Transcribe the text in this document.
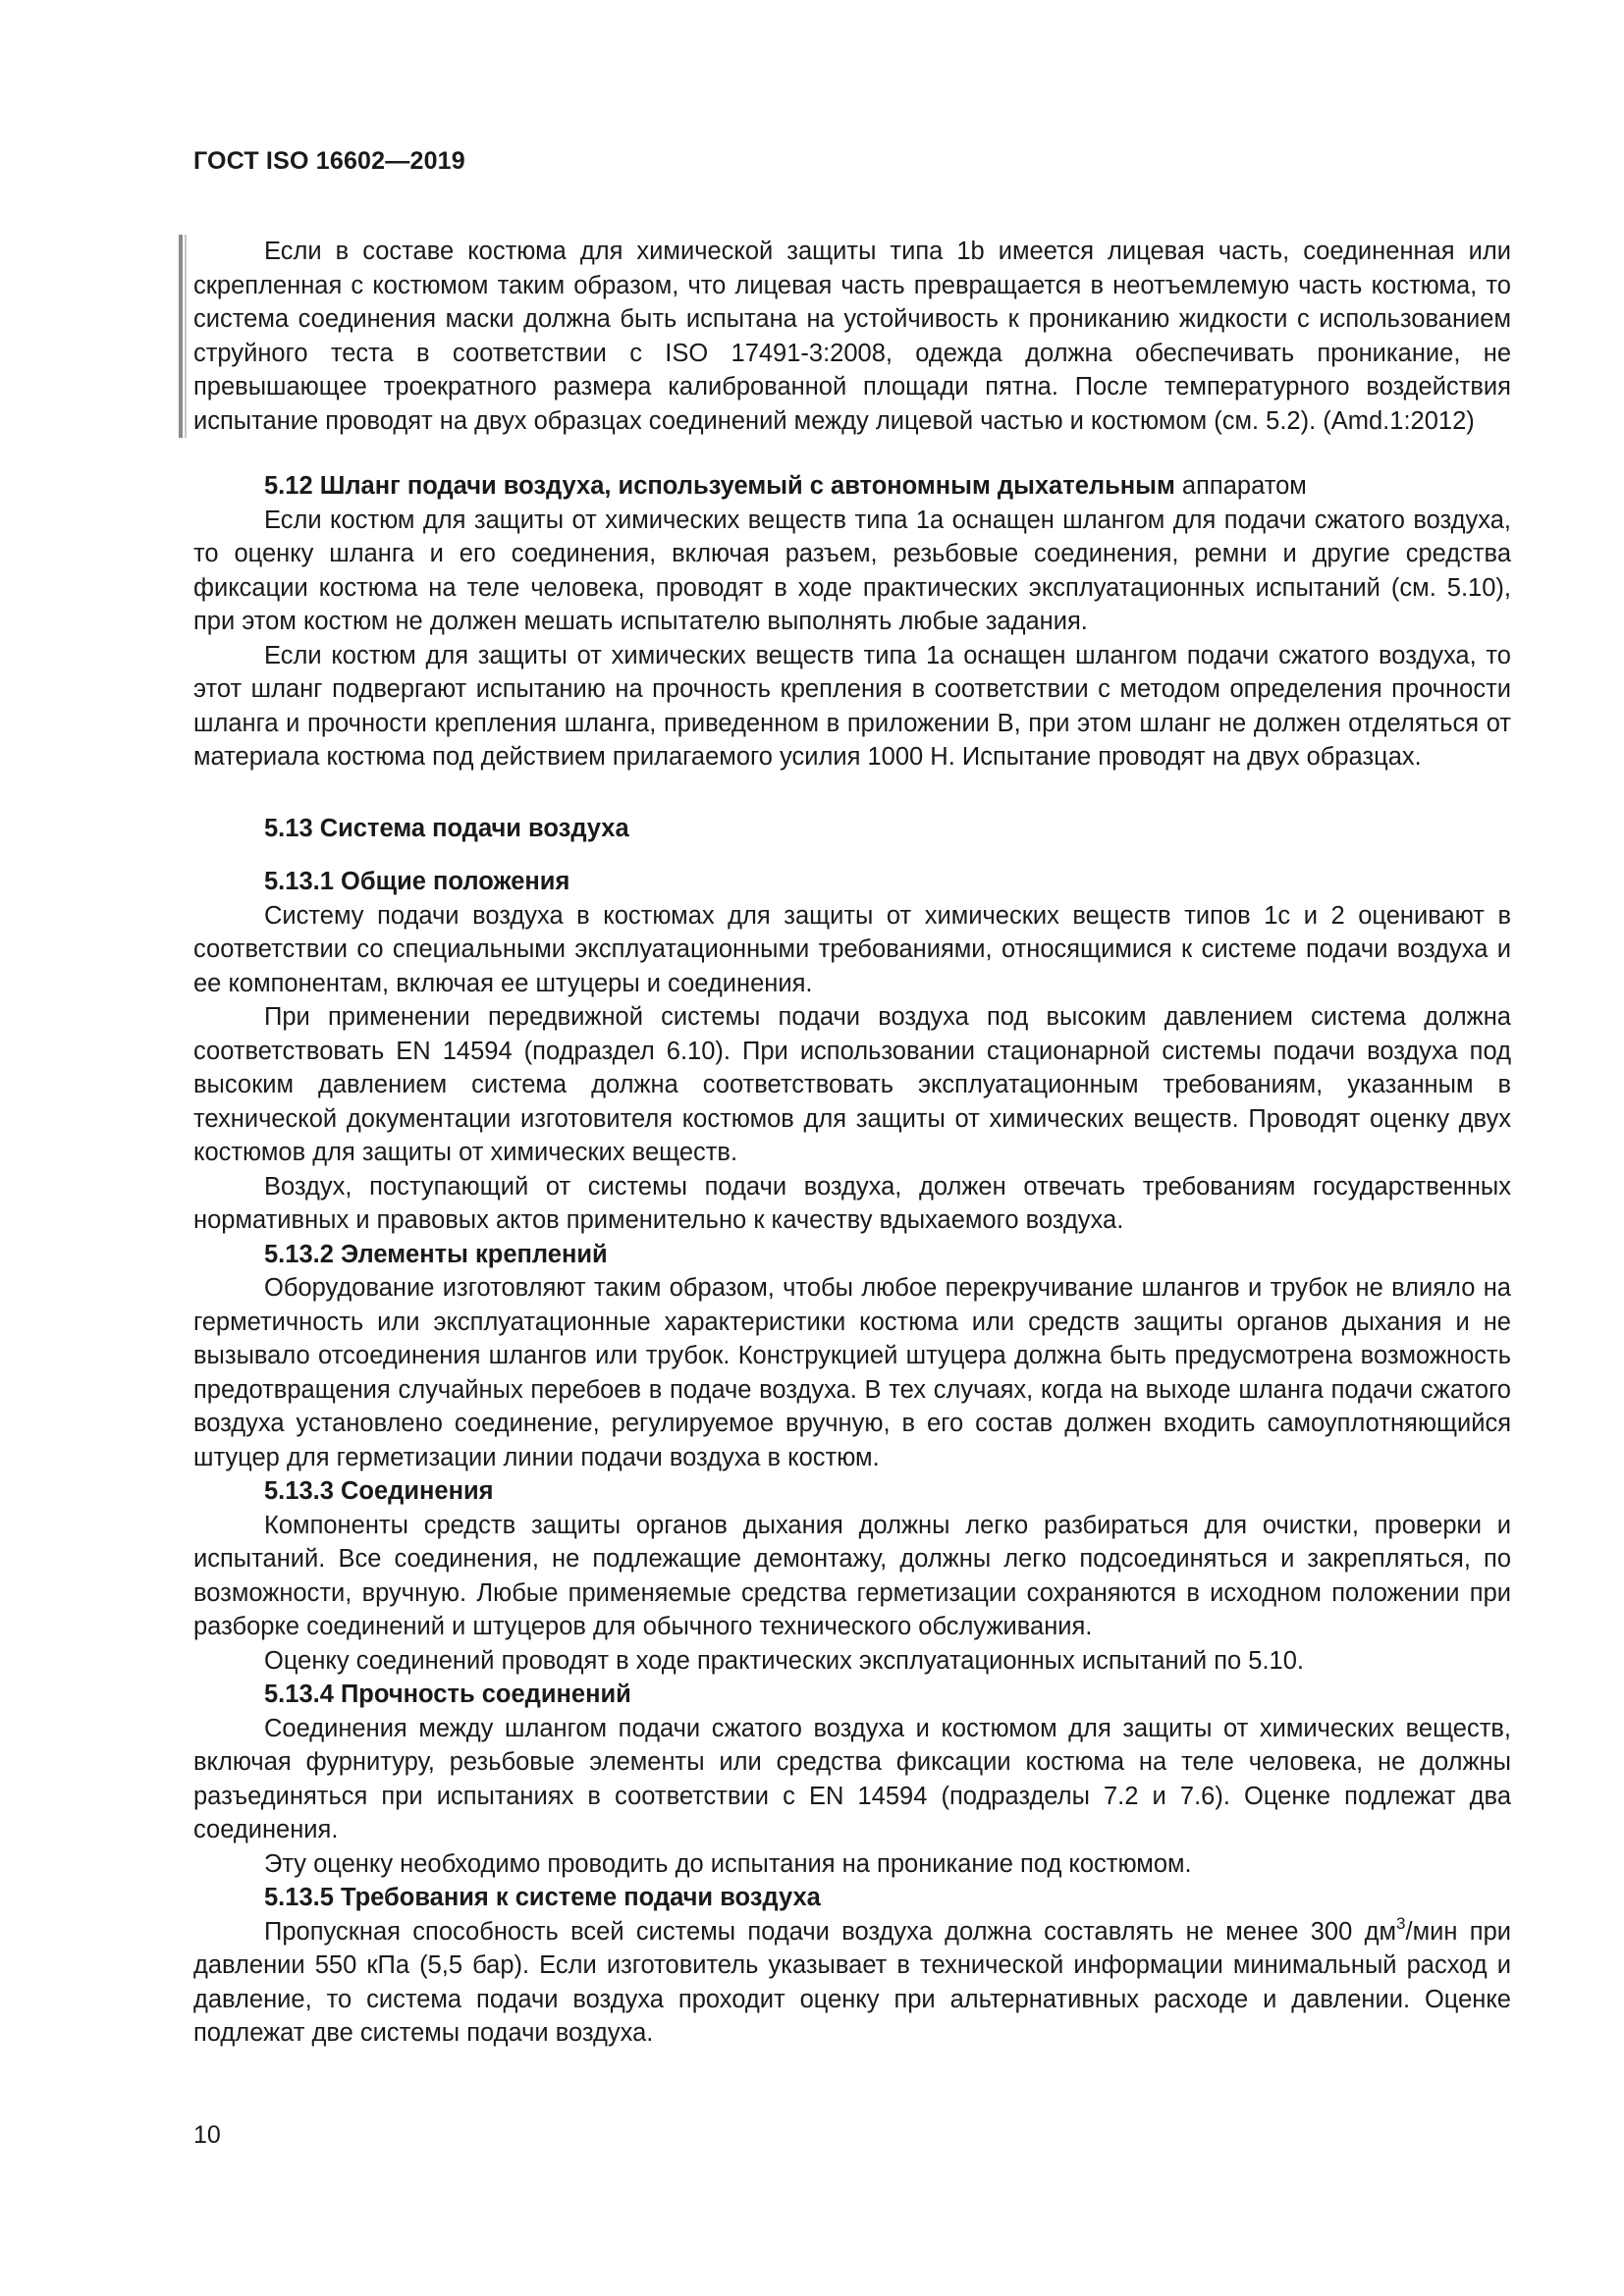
ГОСТ ISO 16602—2019

Если в составе костюма для химической защиты типа 1b имеется лицевая часть, соединенная или скрепленная с костюмом таким образом, что лицевая часть превращается в неотъемлемую часть костюма, то система соединения маски должна быть испытана на устойчивость к прониканию жидкости с использованием струйного теста в соответствии с ISO 17491-3:2008, одежда должна обеспечивать проникание, не превышающее троекратного размера калиброванной площади пятна. После температурного воздействия испытание проводят на двух образцах соединений между лицевой частью и костюмом (см. 5.2). (Amd.1:2012)

5.12 Шланг подачи воздуха, используемый с автономным дыхательным аппаратом

Если костюм для защиты от химических веществ типа 1а оснащен шлангом для подачи сжатого воздуха, то оценку шланга и его соединения, включая разъем, резьбовые соединения, ремни и другие средства фиксации костюма на теле человека, проводят в ходе практических эксплуатационных испытаний (см. 5.10), при этом костюм не должен мешать испытателю выполнять любые задания.

Если костюм для защиты от химических веществ типа 1а оснащен шлангом подачи сжатого воздуха, то этот шланг подвергают испытанию на прочность крепления в соответствии с методом определения прочности шланга и прочности крепления шланга, приведенном в приложении В, при этом шланг не должен отделяться от материала костюма под действием прилагаемого усилия 1000 Н. Испытание проводят на двух образцах.

5.13 Система подачи воздуха

5.13.1 Общие положения

Систему подачи воздуха в костюмах для защиты от химических веществ типов 1с и 2 оценивают в соответствии со специальными эксплуатационными требованиями, относящимися к системе подачи воздуха и ее компонентам, включая ее штуцеры и соединения.

При применении передвижной системы подачи воздуха под высоким давлением система должна соответствовать EN 14594 (подраздел 6.10). При использовании стационарной системы подачи воздуха под высоким давлением система должна соответствовать эксплуатационным требованиям, указанным в технической документации изготовителя костюмов для защиты от химических веществ. Проводят оценку двух костюмов для защиты от химических веществ.

Воздух, поступающий от системы подачи воздуха, должен отвечать требованиям государственных нормативных и правовых актов применительно к качеству вдыхаемого воздуха.

5.13.2 Элементы креплений

Оборудование изготовляют таким образом, чтобы любое перекручивание шлангов и трубок не влияло на герметичность или эксплуатационные характеристики костюма или средств защиты органов дыхания и не вызывало отсоединения шлангов или трубок. Конструкцией штуцера должна быть предусмотрена возможность предотвращения случайных перебоев в подаче воздуха. В тех случаях, когда на выходе шланга подачи сжатого воздуха установлено соединение, регулируемое вручную, в его состав должен входить самоуплотняющийся штуцер для герметизации линии подачи воздуха в костюм.

5.13.3 Соединения

Компоненты средств защиты органов дыхания должны легко разбираться для очистки, проверки и испытаний. Все соединения, не подлежащие демонтажу, должны легко подсоединяться и закрепляться, по возможности, вручную. Любые применяемые средства герметизации сохраняются в исходном положении при разборке соединений и штуцеров для обычного технического обслуживания.

Оценку соединений проводят в ходе практических эксплуатационных испытаний по 5.10.

5.13.4 Прочность соединений

Соединения между шлангом подачи сжатого воздуха и костюмом для защиты от химических веществ, включая фурнитуру, резьбовые элементы или средства фиксации костюма на теле человека, не должны разъединяться при испытаниях в соответствии с EN 14594 (подразделы 7.2 и 7.6). Оценке подлежат два соединения.

Эту оценку необходимо проводить до испытания на проникание под костюмом.

5.13.5 Требования к системе подачи воздуха

Пропускная способность всей системы подачи воздуха должна составлять не менее 300 $дм^3$/мин при давлении 550 кПа (5,5 бар). Если изготовитель указывает в технической информации минимальный расход и давление, то система подачи воздуха проходит оценку при альтернативных расходе и давлении. Оценке подлежат две системы подачи воздуха.

10
